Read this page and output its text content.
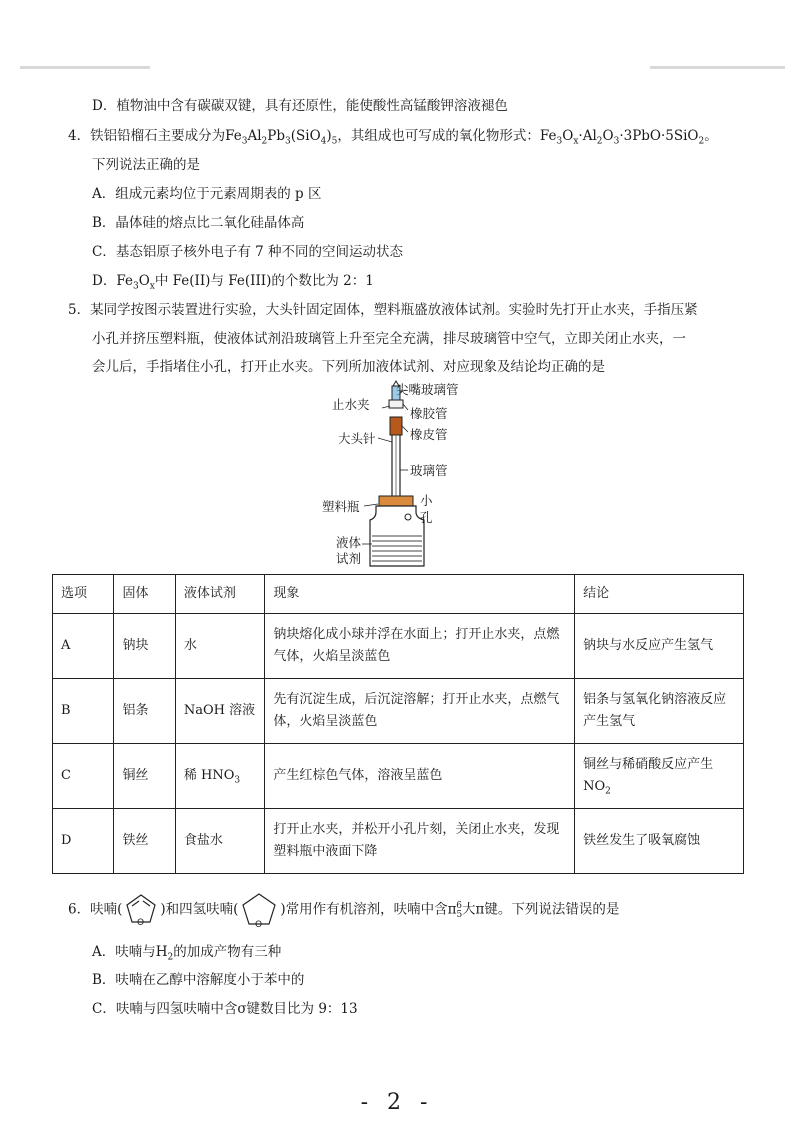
D．植物油中含有碳碳双键，具有还原性，能使酸性高锰酸钾溶液褪色
4．铁铝铅榴石主要成分为$Fe_3Al_2Pb_3(SiO_4)_5$，其组成也可写成的氧化物形式：$Fe_3O_x\cdot Al_2O_3\cdot 3PbO\cdot 5SiO_2$。
下列说法正确的是
A．组成元素均位于元素周期表的 p 区
B．晶体硅的熔点比二氧化硅晶体高
C．基态铝原子核外电子有 7 种不同的空间运动状态
D．$Fe_3O_x$中 Fe(II)与 Fe(III)的个数比为 2：1
5．某同学按图示装置进行实验，大头针固定固体，塑料瓶盛放液体试剂。实验时先打开止水夹，手指压紧
小孔并挤压塑料瓶，使液体试剂沿玻璃管上升至完全充满，排尽玻璃管中空气，立即关闭止水夹，一
会儿后，手指堵住小孔，打开止水夹。下列所加液体试剂、对应现象及结论均正确的是
尖嘴玻璃管
止水夹
橡胶管
橡皮管
大头针
玻璃管
塑料瓶	小
孔
液体
试剂
选项	固体	液体试剂	现象	结论
A	钠块	水	钠块熔化成小球并浮在水面上；打开止水夹，点燃气体，火焰呈淡蓝色	钠块与水反应产生氢气
B	铝条	NaOH 溶液	先有沉淀生成，后沉淀溶解；打开止水夹，点燃气体，火焰呈淡蓝色	铝条与氢氧化钠溶液反应产生氢气
C	铜丝	稀 $HNO_3$	产生红棕色气体，溶液呈蓝色	铜丝与稀硝酸反应产生
$NO_2$
D	铁丝	食盐水	打开止水夹，并松开小孔片刻，关闭止水夹，发现塑料瓶中液面下降	铁丝发生了吸氧腐蚀
6．呋喃(
O
)和四氢呋喃(
O
)常用作有机溶剂，呋喃中含$\pi_5^6$大π键。下列说法错误的是
A．呋喃与$H_2$的加成产物有三种
B．呋喃在乙醇中溶解度小于苯中的
C．呋喃与四氢呋喃中含σ键数目比为 9：13
- 2 -
